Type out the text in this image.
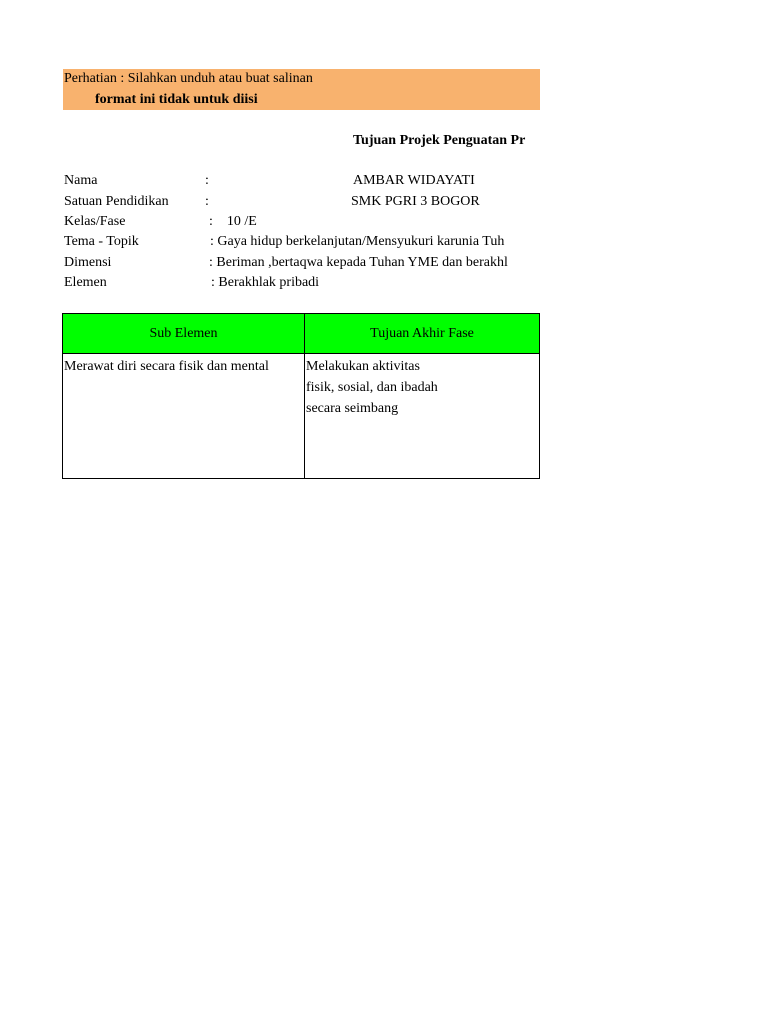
Perhatian : Silahkan unduh atau buat salinan
format ini tidak untuk diisi
Tujuan Projek Penguatan Pr
Nama	:	AMBAR WIDAYATI
Satuan Pendidikan	:	SMK PGRI 3 BOGOR
Kelas/Fase	:    10 /E
Tema - Topik	: Gaya hidup berkelanjutan/Mensyukuri karunia Tuh
Dimensi	: Beriman ,bertaqwa kepada Tuhan YME dan berakhl
Elemen	: Berakhlak pribadi
Sub Elemen	Tujuan Akhir Fase
Merawat diri secara fisik dan mental	Melakukan aktivitas
fisik, sosial, dan ibadah
secara seimbang
